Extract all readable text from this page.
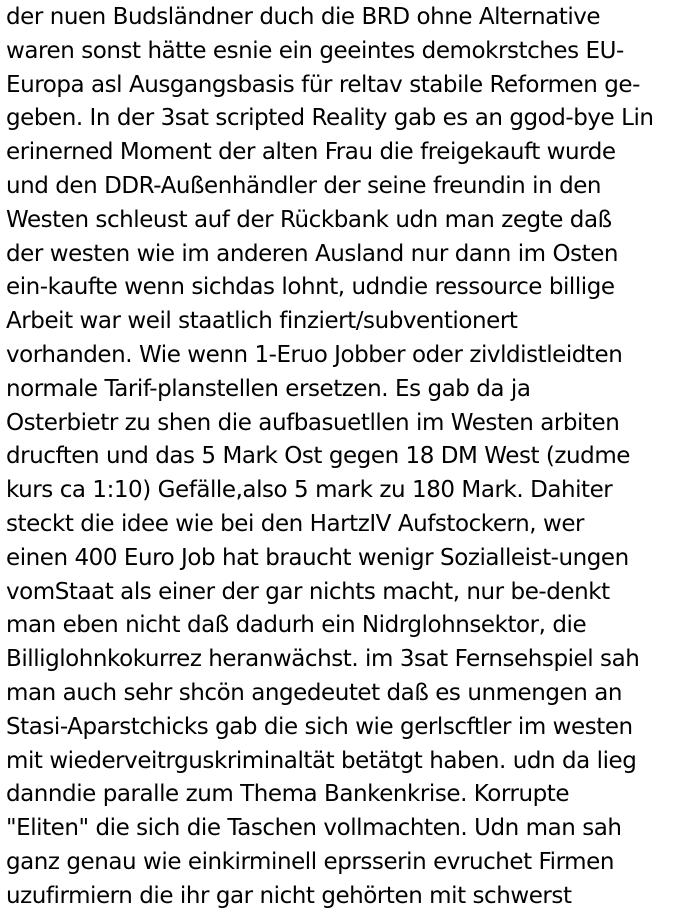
der nuen Budsländner duch die BRD ohne Alternative
waren sonst hätte esnie ein geeintes demokrstches EU-
Europa asl Ausgangsbasis für reltav stabile Reformen ge-
geben. In der 3sat scripted Reality gab es an ggod-bye Lin
erinerned Moment der alten Frau die freigekauft wurde
und den DDR-Außenhändler der seine freundin in den
Westen schleust auf der Rückbank udn man zegte daß
der westen wie im anderen Ausland nur dann im Osten
ein-kaufte wenn sichdas lohnt, udndie ressource billige
Arbeit war weil staatlich finziert/subventionert
vorhanden. Wie wenn 1-Eruo Jobber oder zivldistleidten
normale Tarif-planstellen ersetzen. Es gab da ja
Osterbietr zu shen die aufbasuetllen im Westen arbiten
drucften und das 5 Mark Ost gegen 18 DM West (zudme
kurs ca 1:10) Gefälle,also 5 mark zu 180 Mark. Dahiter
steckt die idee wie bei den HartzIV Aufstockern, wer
einen 400 Euro Job hat braucht wenigr Sozialleist-ungen
vomStaat als einer der gar nichts macht, nur be-denkt
man eben nicht daß dadurh ein Nidrglohnsektor, die
Billiglohnkokurrez heranwächst. im 3sat Fernsehspiel sah
man auch sehr shcön angedeutet daß es unmengen an
Stasi-Aparstchicks gab die sich wie gerlscftler im westen
mit wiederveitrguskriminaltät betätgt haben. udn da lieg
danndie paralle zum Thema Bankenkrise. Korrupte
"Eliten" die sich die Taschen vollmachten. Udn man sah
ganz genau wie einkirminell eprsserin evruchet Firmen
uzufirmiern die ihr gar nicht gehörten mit schwerst
